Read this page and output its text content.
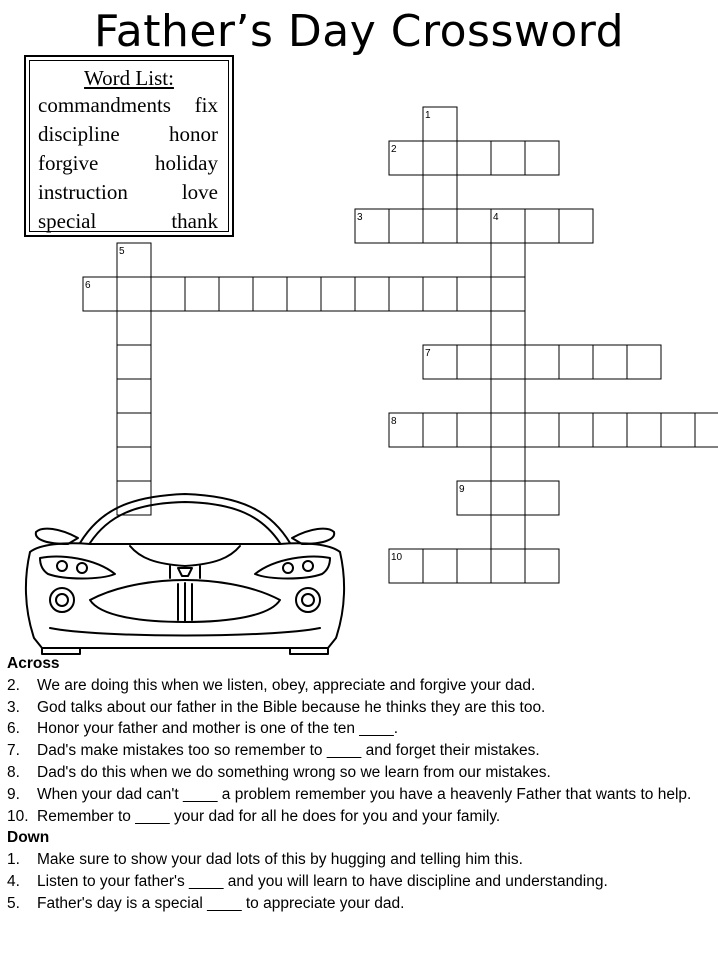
Father’s Day Crossword
Word List:
commandments fix
discipline honor
forgive	holiday
instruction	love
special	thank
1
2
3	4
5
6
7
8
9
10
Across
2.	We are doing this when we listen, obey, appreciate and forgive your dad.
3.	God talks about our father in the Bible because he thinks they are this too.
6.	Honor your father and mother is one of the ten ____.
7.	Dad's make mistakes too so remember to ____ and forget their mistakes.
8.	Dad's do this when we do something wrong so we learn from our mistakes.
9.	When your dad can't ____ a problem remember you have a heavenly Father that wants to help.
10. Remember to ____ your dad for all he does for you and your family.
Down
1.	Make sure to show your dad lots of this by hugging and telling him this.
4.	Listen to your father's ____ and you will learn to have discipline and understanding.
5.	Father's day is a special ____ to appreciate your dad.
